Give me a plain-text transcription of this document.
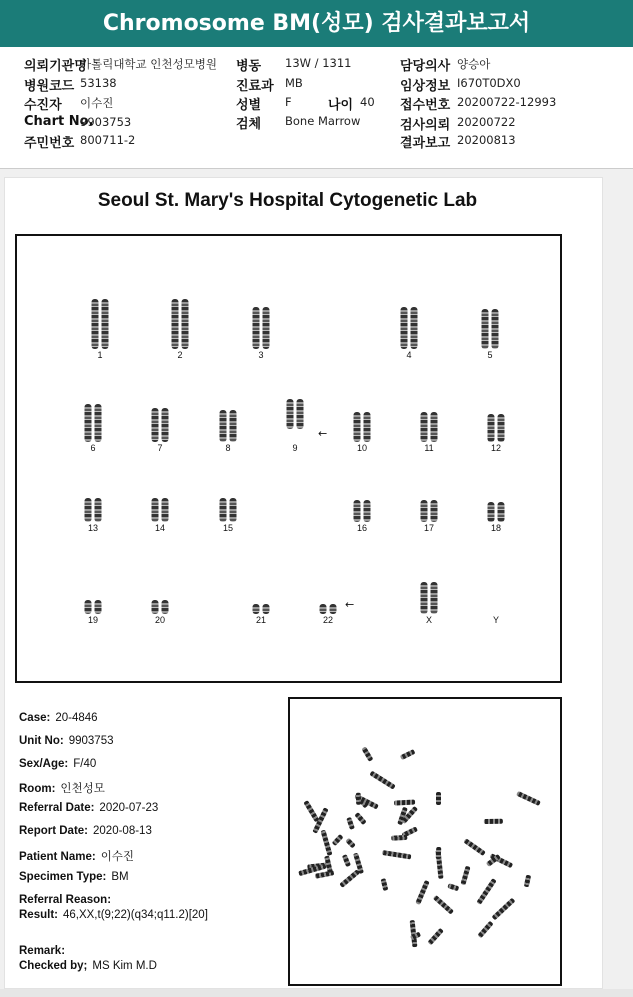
Chromosome BM(성모) 검사결과보고서
의뢰기관명
가톨릭대학교 인천성모병원
병원코드 53138
수진자 이수진
Chart No.
9903753
주민번호 800711-2
병동 13W / 1311
진료과 MB
성별 F	나이 40
검체 Bone Marrow
담당의사 양승아
임상정보 I670T0DX0
접수번호 20200722-12993
검사의뢰 20200722
결과보고 20200813
Seoul St. Mary's Hospital Cytogenetic Lab
1	2	3	4	5
6	7	8	9	10	11	12
13	14	15	16	17	18
19	20	21	22	X	Y
←
←
Case: 20-4846
Unit No: 9903753
Sex/Age: F/40
Room: 인천성모
Referral Date: 2020-07-23
Report Date: 2020-08-13
Patient Name: 이수진
Specimen Type: BM
Referral Reason:
Result: 46,XX,t(9;22)(q34;q11.2)[20]
Remark:
Checked by; MS Kim M.D
